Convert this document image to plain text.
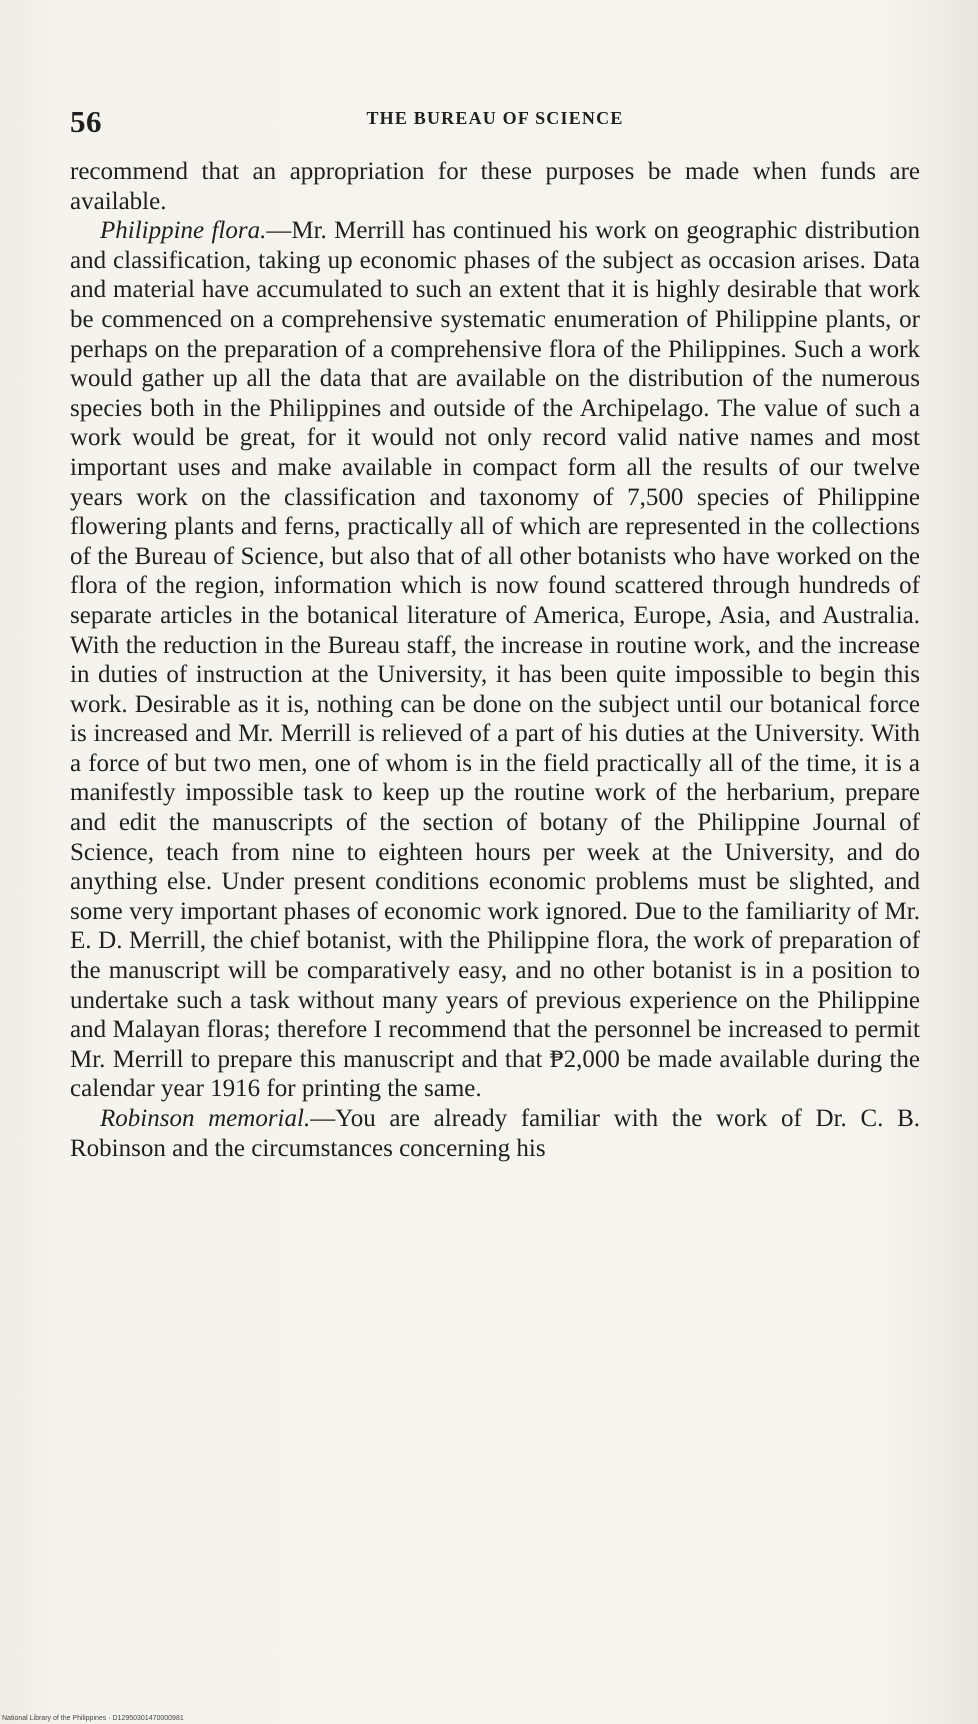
56	THE BUREAU OF SCIENCE

recommend that an appropriation for these purposes be made when funds are available.

Philippine flora.—Mr. Merrill has continued his work on geographic distribution and classification, taking up economic phases of the subject as occasion arises. Data and material have accumulated to such an extent that it is highly desirable that work be commenced on a comprehensive systematic enumeration of Philippine plants, or perhaps on the preparation of a comprehensive flora of the Philippines. Such a work would gather up all the data that are available on the distribution of the numerous species both in the Philippines and outside of the Archipelago. The value of such a work would be great, for it would not only record valid native names and most important uses and make available in compact form all the results of our twelve years work on the classification and taxonomy of 7,500 species of Philippine flowering plants and ferns, practically all of which are represented in the collections of the Bureau of Science, but also that of all other botanists who have worked on the flora of the region, information which is now found scattered through hundreds of separate articles in the botanical literature of America, Europe, Asia, and Australia. With the reduction in the Bureau staff, the increase in routine work, and the increase in duties of instruction at the University, it has been quite impossible to begin this work. Desirable as it is, nothing can be done on the subject until our botanical force is increased and Mr. Merrill is relieved of a part of his duties at the University. With a force of but two men, one of whom is in the field practically all of the time, it is a manifestly impossible task to keep up the routine work of the herbarium, prepare and edit the manuscripts of the section of botany of the Philippine Journal of Science, teach from nine to eighteen hours per week at the University, and do anything else. Under present conditions economic problems must be slighted, and some very important phases of economic work ignored. Due to the familiarity of Mr. E. D. Merrill, the chief botanist, with the Philippine flora, the work of preparation of the manuscript will be comparatively easy, and no other botanist is in a position to undertake such a task without many years of previous experience on the Philippine and Malayan floras; therefore I recommend that the personnel be increased to permit Mr. Merrill to prepare this manuscript and that ₱2,000 be made available during the calendar year 1916 for printing the same.

Robinson memorial.—You are already familiar with the work of Dr. C. B. Robinson and the circumstances concerning his

National Library of the Philippines · D12950301470000981
